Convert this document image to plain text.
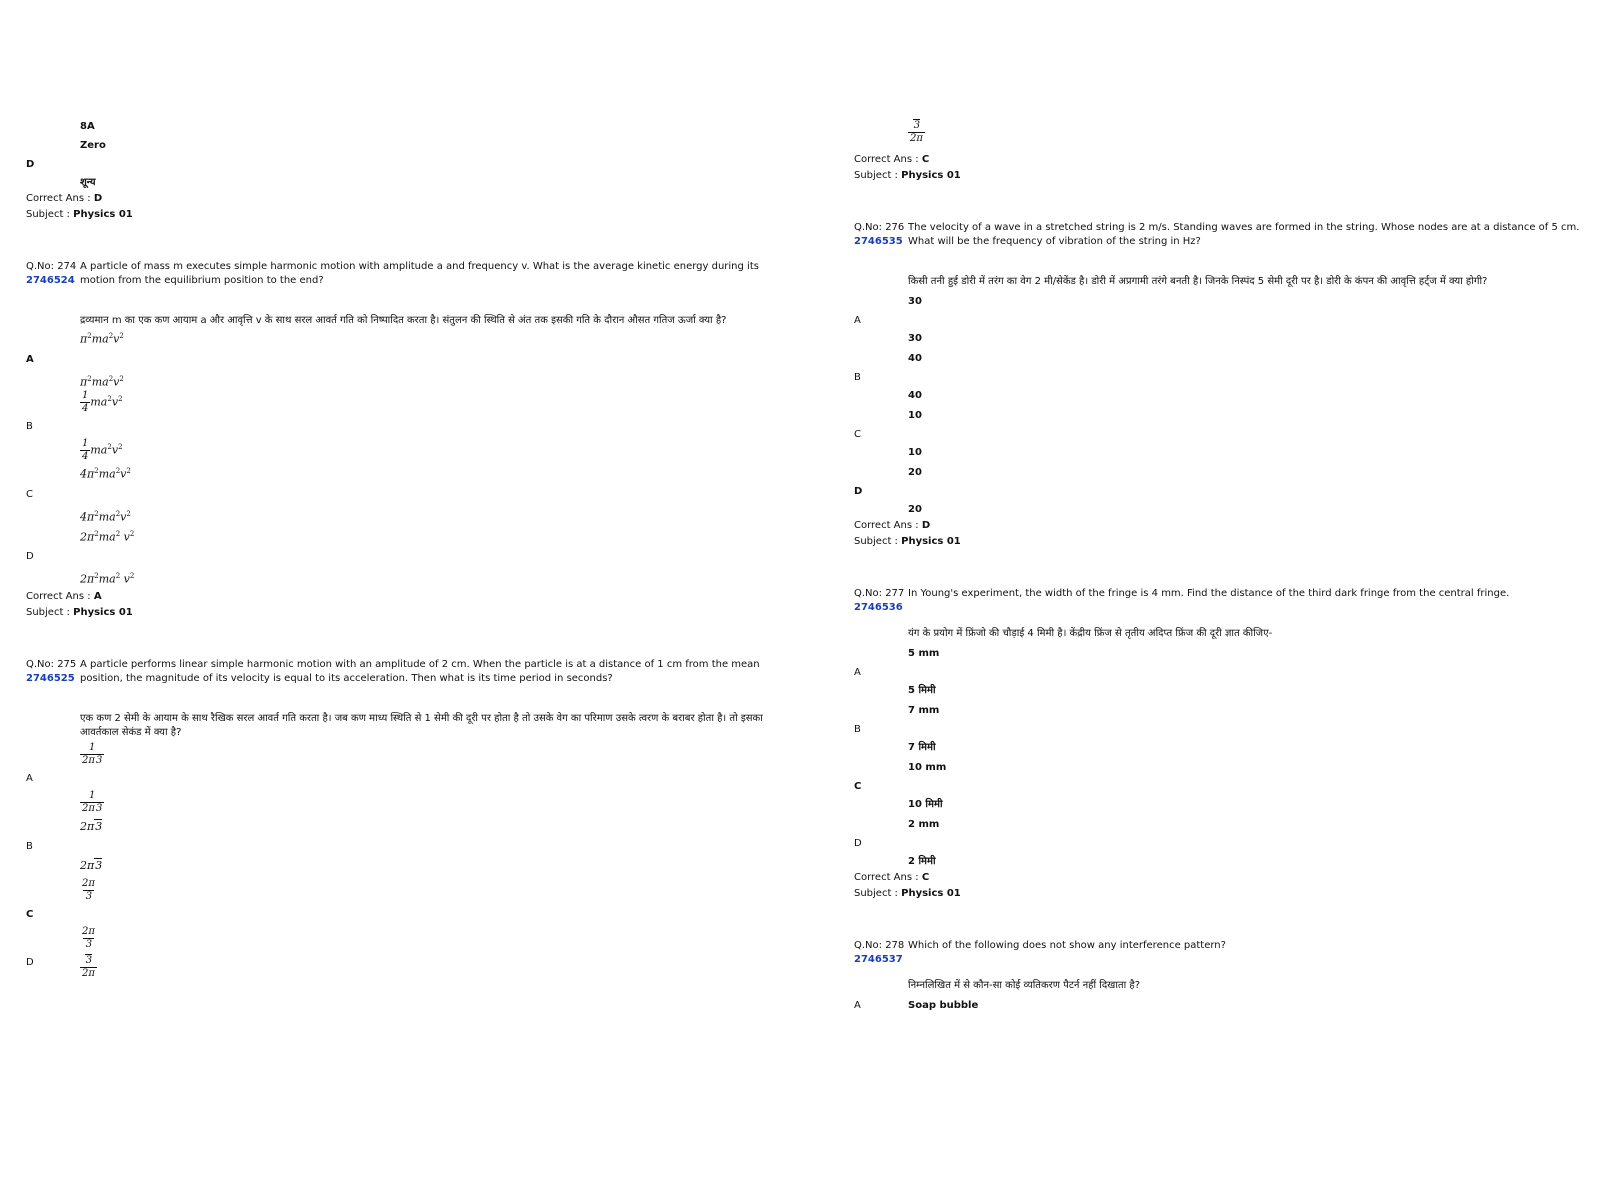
8A
Zero
D
शून्य
Correct Ans : D
Subject : Physics 01
Q.No: 274
2746524
A particle of mass m executes simple harmonic motion with amplitude a and frequency v. What is the average kinetic energy during its motion from the equilibrium position to the end?
द्रव्यमान m का एक कण आयाम a और आवृत्ति v के साथ सरल आवर्त गति को निष्पादित करता है। संतुलन की स्थिति से अंत तक इसकी गति के दौरान औसत गतिज ऊर्जा क्या है?
$\pi^2ma^2v^2$
A
$\pi^2ma^2v^2$
$\frac{1}{4} ma^2v^2$
B
$\frac{1}{4} ma^2v^2$
$4\pi^2ma^2v^2$
C
$4\pi^2ma^2v^2$
$2\pi^2ma^2$ $v^2$
D
$2\pi^2ma^2$ $v^2$
Correct Ans : A
Subject : Physics 01
Q.No: 275
2746525
A particle performs linear simple harmonic motion with an amplitude of 2 cm. When the particle is at a distance of 1 cm from the mean position, the magnitude of its velocity is equal to its acceleration. Then what is its time period in seconds?
एक कण 2 सेमी के आयाम के साथ रैखिक सरल आवर्त गति करता है। जब कण माध्य स्थिति से 1 सेमी की दूरी पर होता है तो उसके वेग का परिमाण उसके त्वरण के बराबर होता है। तो इसका आवर्तकाल सेकंड में क्या है?
$\frac{1}{2\pi 3}$
A
$\frac{1}{2\pi 3}$
2π3
B
2π3
$\frac{2\pi}{3}$
C
$\frac{2\pi}{3}$
D	$\frac{3}{2\pi}$
$\frac{3}{2\pi}$
Correct Ans : C
Subject : Physics 01
Q.No: 276
2746535
The velocity of a wave in a stretched string is 2 m/s. Standing waves are formed in the string. Whose nodes are at a distance of 5 cm. What will be the frequency of vibration of the string in Hz?
किसी तनी हुई डोरी में तरंग का वेग 2 मी/सेकेंड है। डोरी में अप्रगामी तरंगे बनती है। जिनके निस्पंद 5 सेमी दूरी पर है। डोरी के कंपन की आवृत्ति हर्ट्ज में क्या होगी?
30
A
30
40
B
40
10
C
10
20
D
20
Correct Ans : D
Subject : Physics 01
Q.No: 277
2746536
In Young's experiment, the width of the fringe is 4 mm. Find the distance of the third dark fringe from the central fringe.
यंग के प्रयोग में फ्रिंजो की चौड़ाई 4 मिमी है। केंद्रीय फ्रिंज से तृतीय अदिप्त फ्रिंज की दूरी ज्ञात कीजिए-
5 mm
A
5 मिमी
7 mm
B
7 मिमी
10 mm
C
10 मिमी
2 mm
D
2 मिमी
Correct Ans : C
Subject : Physics 01
Q.No: 278
2746537
Which of the following does not show any interference pattern?
निम्नलिखित में से कौन-सा कोई व्यतिकरण पैटर्न नहीं दिखाता है?
A	Soap bubble
